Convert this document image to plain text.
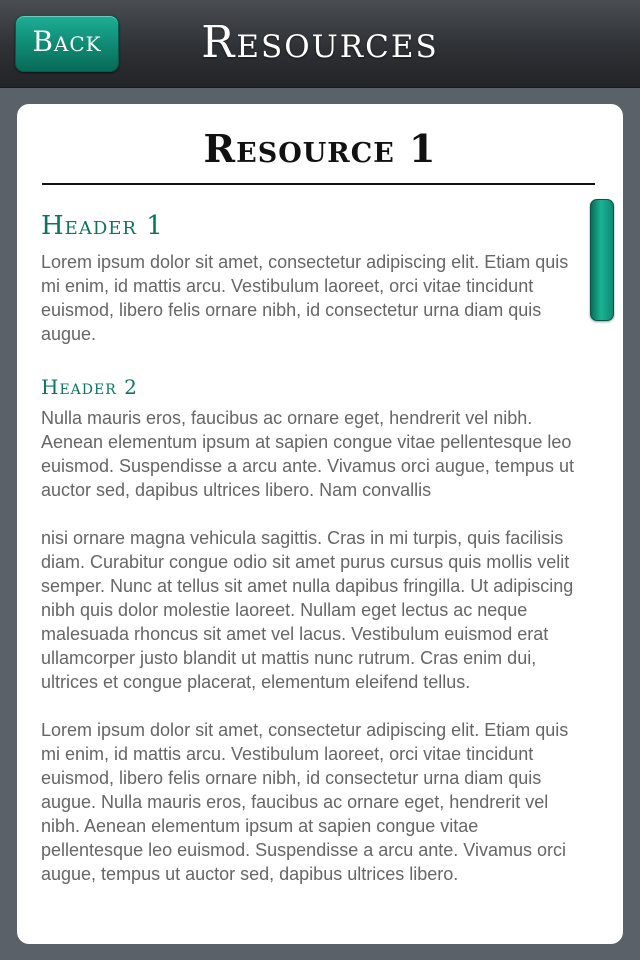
Back	Resources
Resource 1
Header 1

Lorem ipsum dolor sit amet, consectetur adipiscing elit. Etiam quis mi enim, id mattis arcu. Vestibulum laoreet, orci vitae tincidunt euismod, libero felis ornare nibh, id consectetur urna diam quis augue.

Header 2

Nulla mauris eros, faucibus ac ornare eget, hendrerit vel nibh. Aenean elementum ipsum at sapien congue vitae pellentesque leo euismod. Suspendisse a arcu ante. Vivamus orci augue, tempus ut auctor sed, dapibus ultrices libero. Nam convallis

nisi ornare magna vehicula sagittis. Cras in mi turpis, quis facilisis diam. Curabitur congue odio sit amet purus cursus quis mollis velit semper. Nunc at tellus sit amet nulla dapibus fringilla. Ut adipiscing nibh quis dolor molestie laoreet. Nullam eget lectus ac neque malesuada rhoncus sit amet vel lacus. Vestibulum euismod erat ullamcorper justo blandit ut mattis nunc rutrum. Cras enim dui, ultrices et congue placerat, elementum eleifend tellus.

Lorem ipsum dolor sit amet, consectetur adipiscing elit. Etiam quis mi enim, id mattis arcu. Vestibulum laoreet, orci vitae tincidunt euismod, libero felis ornare nibh, id consectetur urna diam quis augue. Nulla mauris eros, faucibus ac ornare eget, hendrerit vel nibh. Aenean elementum ipsum at sapien congue vitae pellentesque leo euismod. Suspendisse a arcu ante. Vivamus orci augue, tempus ut auctor sed, dapibus ultrices libero.
